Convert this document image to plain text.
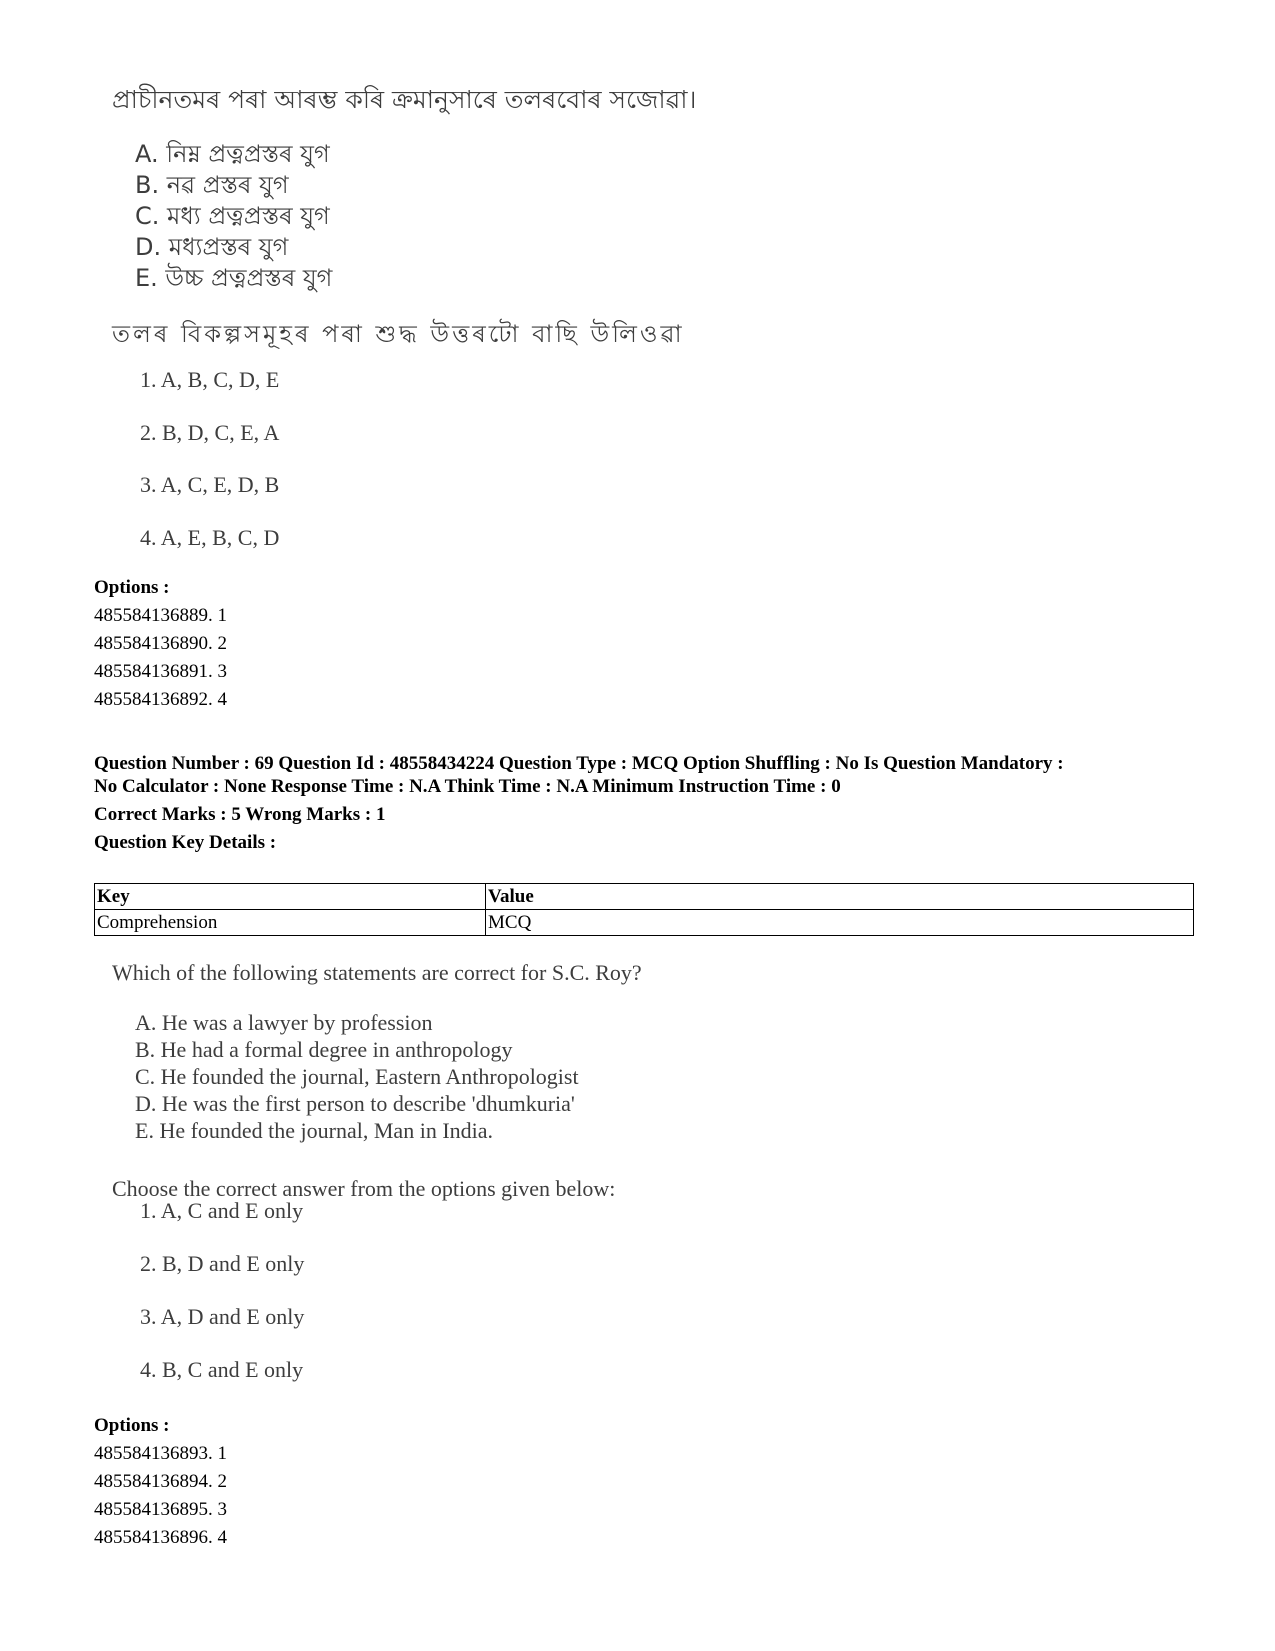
প্ৰাচীনতমৰ পৰা আৰম্ভ কৰি ক্ৰমানুসাৰে তলৰবোৰ সজোৱা।
A. নিম্ন প্ৰত্নপ্ৰস্তৰ যুগ
B. নৱ প্ৰস্তৰ যুগ
C. মধ্য প্ৰত্নপ্ৰস্তৰ যুগ
D. মধ্যপ্ৰস্তৰ যুগ
E. উচ্চ প্ৰত্নপ্ৰস্তৰ যুগ
তলৰ বিকল্পসমূহৰ পৰা শুদ্ধ উত্তৰটো বাছি উলিওৱা
1. A, B, C, D, E
2. B, D, C, E, A
3. A, C, E, D, B
4. A, E, B, C, D
Options :
485584136889. 1
485584136890. 2
485584136891. 3
485584136892. 4
Question Number : 69 Question Id : 48558434224 Question Type : MCQ Option Shuffling : No Is Question Mandatory :
No Calculator : None Response Time : N.A Think Time : N.A Minimum Instruction Time : 0
Correct Marks : 5 Wrong Marks : 1
Question Key Details :
Key	Value
Comprehension	MCQ
Which of the following statements are correct for S.C. Roy?
A. He was a lawyer by profession
B. He had a formal degree in anthropology
C. He founded the journal, Eastern Anthropologist
D. He was the first person to describe 'dhumkuria'
E. He founded the journal, Man in India.
Choose the correct answer from the options given below:
1. A, C and E only
2. B, D and E only
3. A, D and E only
4. B, C and E only
Options :
485584136893. 1
485584136894. 2
485584136895. 3
485584136896. 4
